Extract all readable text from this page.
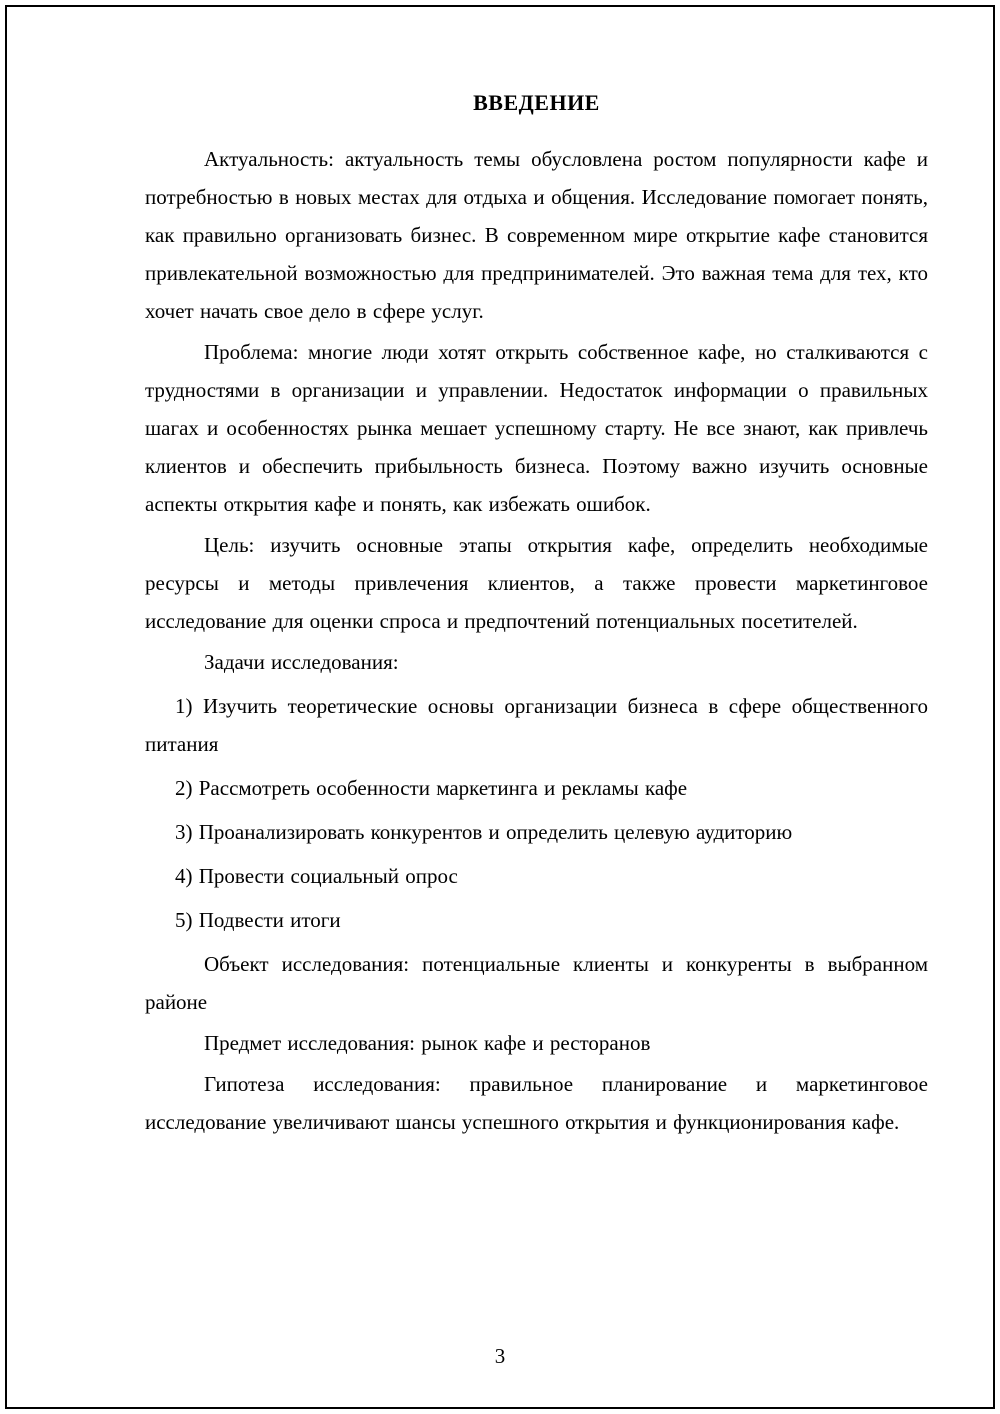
ВВЕДЕНИЕ

Актуальность: актуальность темы обусловлена ростом популярности кафе и потребностью в новых местах для отдыха и общения. Исследование помогает понять, как правильно организовать бизнес. В современном мире открытие кафе становится привлекательной возможностью для предпринимателей. Это важная тема для тех, кто хочет начать свое дело в сфере услуг.

Проблема: многие люди хотят открыть собственное кафе, но сталкиваются с трудностями в организации и управлении. Недостаток информации о правильных шагах и особенностях рынка мешает успешному старту. Не все знают, как привлечь клиентов и обеспечить прибыльность бизнеса. Поэтому важно изучить основные аспекты открытия кафе и понять, как избежать ошибок.

Цель: изучить основные этапы открытия кафе, определить необходимые ресурсы и методы привлечения клиентов, а также провести маркетинговое исследование для оценки спроса и предпочтений потенциальных посетителей.

Задачи исследования:

1) Изучить теоретические основы организации бизнеса в сфере общественного питания

2) Рассмотреть особенности маркетинга и рекламы кафе

3) Проанализировать конкурентов и определить целевую аудиторию

4) Провести социальный опрос

5) Подвести итоги

Объект исследования: потенциальные клиенты и конкуренты в выбранном районе

Предмет исследования: рынок кафе и ресторанов

Гипотеза исследования: правильное планирование и маркетинговое исследование увеличивают шансы успешного открытия и функционирования кафе.

3
